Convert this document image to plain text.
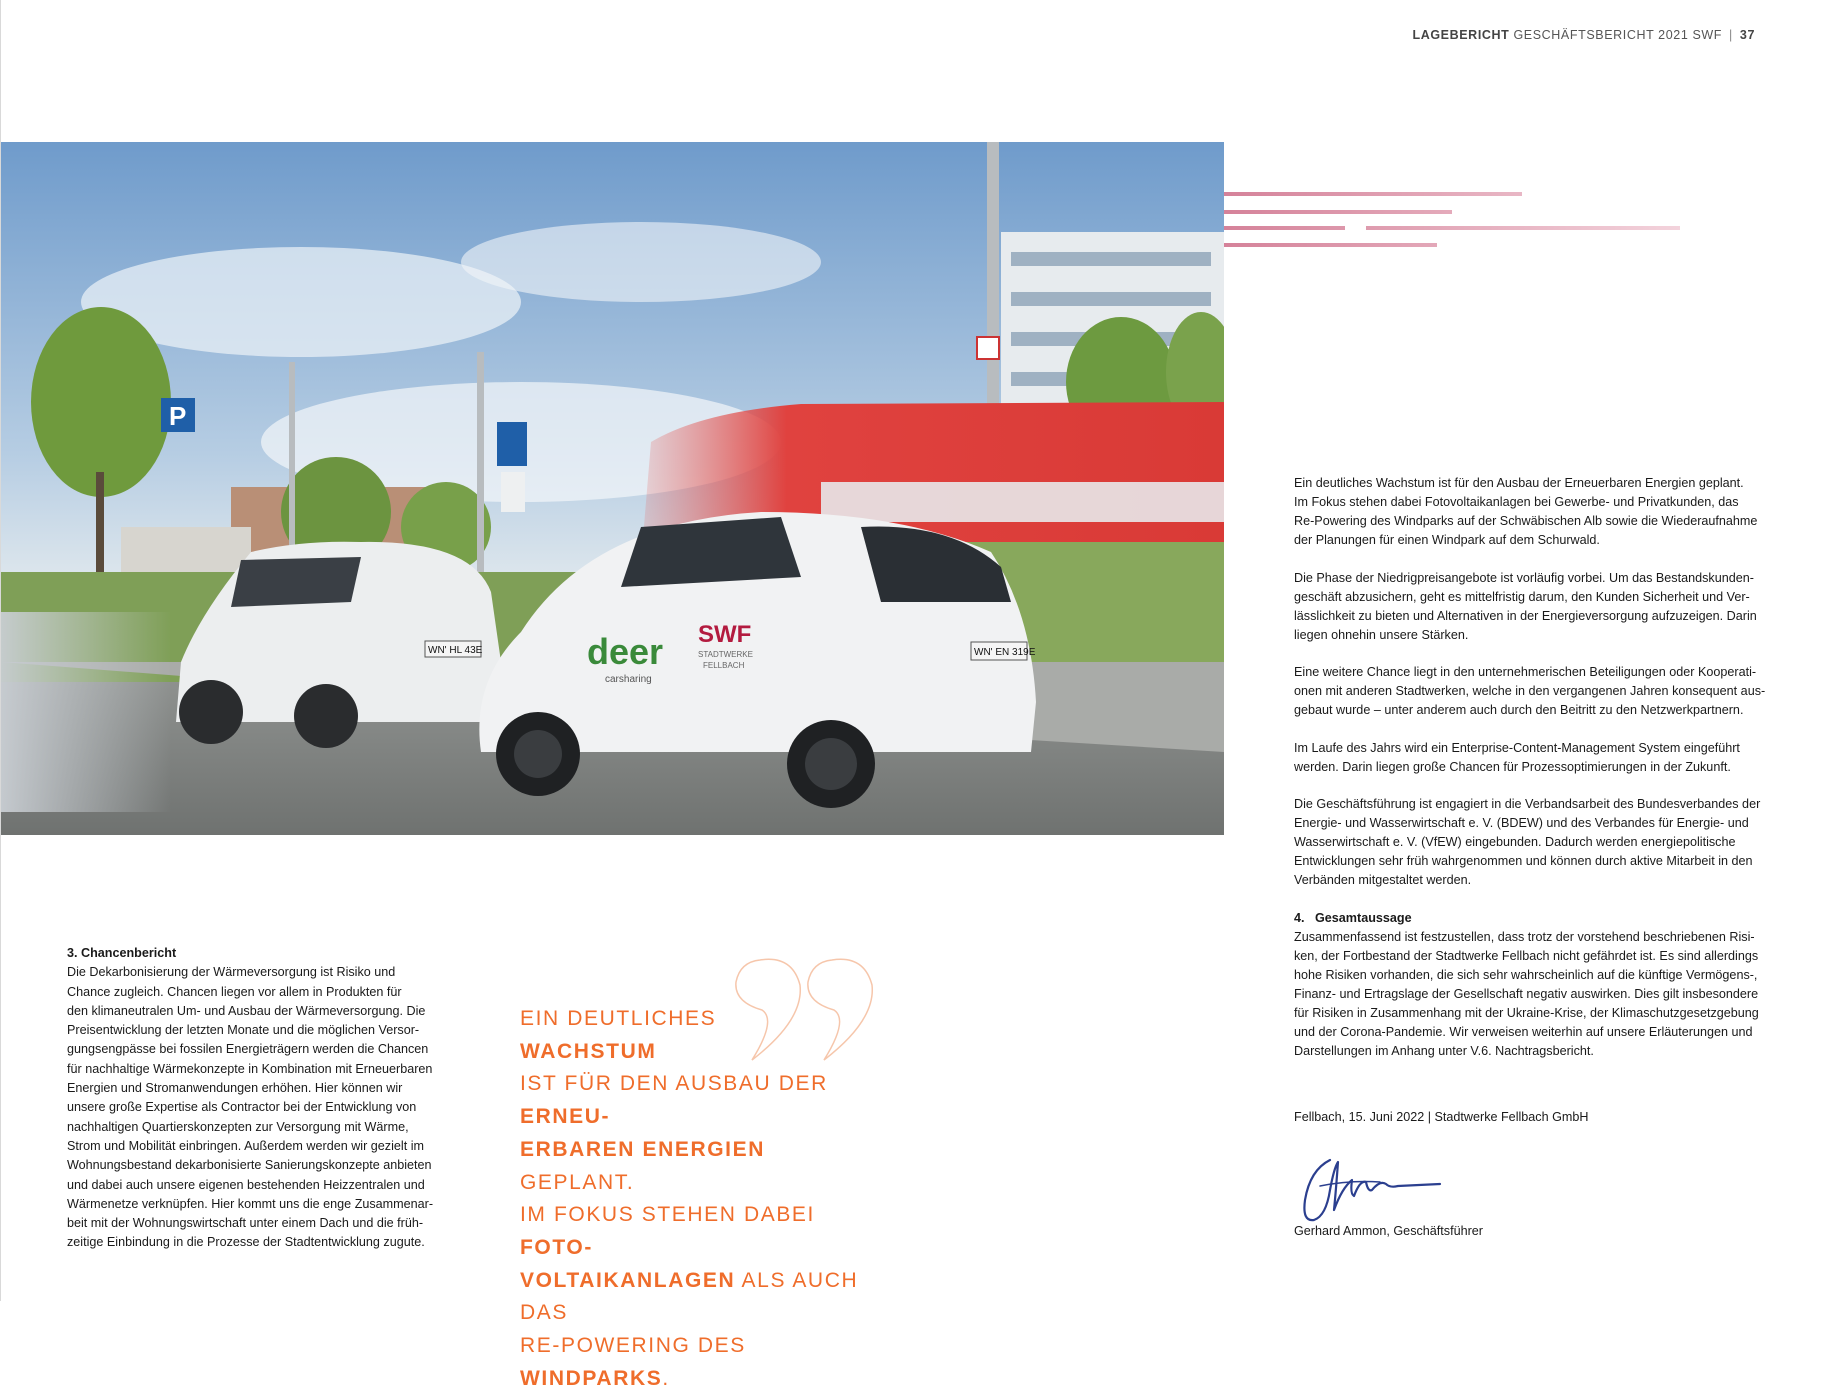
LAGEBERICHT GESCHÄFTSBERICHT 2021 SWF | 37
P
WN' HL 43E	deer
carsharing
SWF
STADTWERKE
FELLBACH
WN' EN 319E
3. Chancenbericht

Die Dekarbonisierung der Wärmeversorgung ist Risiko und
Chance zugleich. Chancen liegen vor allem in Produkten für
den klimaneutralen Um- und Ausbau der Wärmeversorgung. Die
Preisentwicklung der letzten Monate und die möglichen Versor-
gungsengpässe bei fossilen Energieträgern werden die Chancen
für nachhaltige Wärmekonzepte in Kombination mit Erneuerbaren
Energien und Stromanwendungen erhöhen. Hier können wir
unsere große Expertise als Contractor bei der Entwicklung von
nachhaltigen Quartierskonzepten zur Versorgung mit Wärme,
Strom und Mobilität einbringen. Außerdem werden wir gezielt im
Wohnungsbestand dekarbonisierte Sanierungskonzepte anbieten
und dabei auch unsere eigenen bestehenden Heizzentralen und
Wärmenetze verknüpfen. Hier kommt uns die enge Zusammenar-
beit mit der Wohnungswirtschaft unter einem Dach und die früh-
zeitige Einbindung in die Prozesse der Stadtentwicklung zugute.

EIN DEUTLICHES WACHSTUM
IST FÜR DEN AUSBAU DER ERNEU-
ERBAREN ENERGIEN GEPLANT.
IM FOKUS STEHEN DABEI FOTO-
VOLTAIKANLAGEN ALS AUCH DAS
RE-POWERING DES WINDPARKS.

Ein deutliches Wachstum ist für den Ausbau der Erneuerbaren Energien geplant.
Im Fokus stehen dabei Fotovoltaikanlagen bei Gewerbe- und Privatkunden, das
Re-Powering des Windparks auf der Schwäbischen Alb sowie die Wiederaufnahme
der Planungen für einen Windpark auf dem Schurwald.

Die Phase der Niedrigpreisangebote ist vorläufig vorbei. Um das Bestandskunden-
geschäft abzusichern, geht es mittelfristig darum, den Kunden Sicherheit und Ver-
lässlichkeit zu bieten und Alternativen in der Energieversorgung aufzuzeigen. Darin
liegen ohnehin unsere Stärken.

Eine weitere Chance liegt in den unternehmerischen Beteiligungen oder Kooperati-
onen mit anderen Stadtwerken, welche in den vergangenen Jahren konsequent aus-
gebaut wurde – unter anderem auch durch den Beitritt zu den Netzwerkpartnern.

Im Laufe des Jahrs wird ein Enterprise-Content-Management System eingeführt
werden. Darin liegen große Chancen für Prozessoptimierungen in der Zukunft.

Die Geschäftsführung ist engagiert in die Verbandsarbeit des Bundesverbandes der
Energie- und Wasserwirtschaft e. V. (BDEW) und des Verbandes für Energie- und
Wasserwirtschaft e. V. (VfEW) eingebunden. Dadurch werden energiepolitische
Entwicklungen sehr früh wahrgenommen und können durch aktive Mitarbeit in den
Verbänden mitgestaltet werden.

4.   Gesamtaussage

Zusammenfassend ist festzustellen, dass trotz der vorstehend beschriebenen Risi-
ken, der Fortbestand der Stadtwerke Fellbach nicht gefährdet ist. Es sind allerdings
hohe Risiken vorhanden, die sich sehr wahrscheinlich auf die künftige Vermögens-,
Finanz- und Ertragslage der Gesellschaft negativ auswirken. Dies gilt insbesondere
für Risiken in Zusammenhang mit der Ukraine-Krise, der Klimaschutzgesetzgebung
und der Corona-Pandemie. Wir verweisen weiterhin auf unsere Erläuterungen und
Darstellungen im Anhang unter V.6. Nachtragsbericht.

Fellbach, 15. Juni 2022 | Stadtwerke Fellbach GmbH
Gerhard Ammon, Geschäftsführer
